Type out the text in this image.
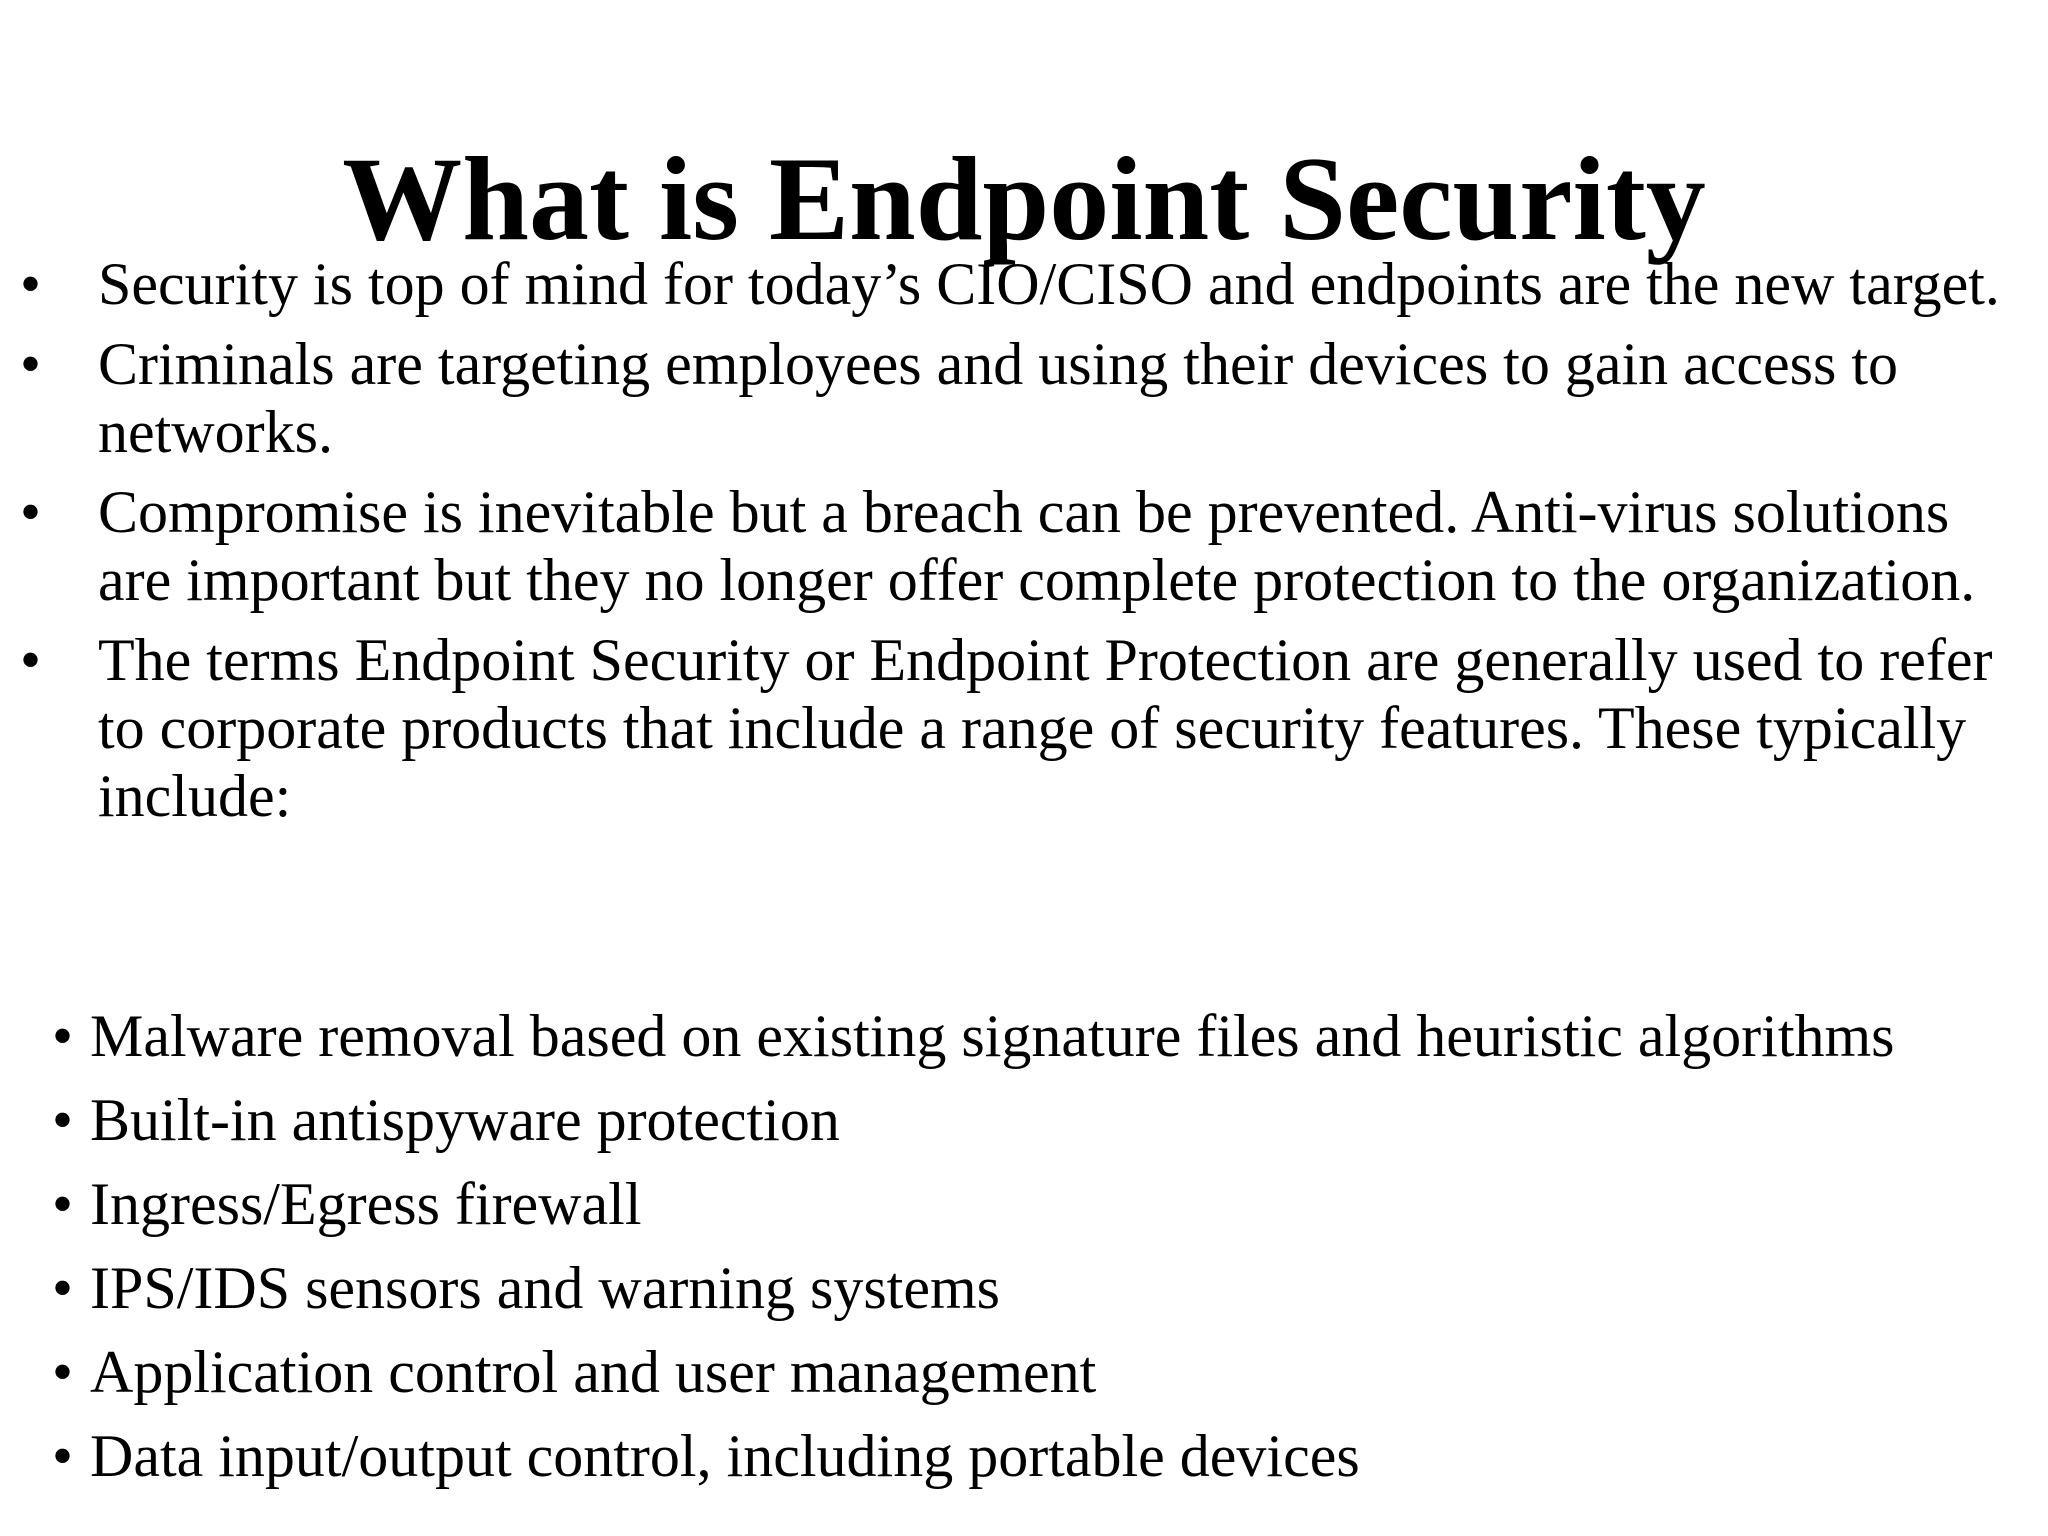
What is Endpoint Security
• Security is top of mind for today’s CIO/CISO and endpoints are the new target.
• Criminals are targeting employees and using their devices to gain access to networks.
• Compromise is inevitable but a breach can be prevented. Anti-virus solutions are important but they no longer offer complete protection to the organization.
• The terms Endpoint Security or Endpoint Protection are generally used to refer to corporate products that include a range of security features. These typically include:
• Malware removal based on existing signature files and heuristic algorithms
• Built-in antispyware protection
• Ingress/Egress firewall
• IPS/IDS sensors and warning systems
• Application control and user management
• Data input/output control, including portable devices
